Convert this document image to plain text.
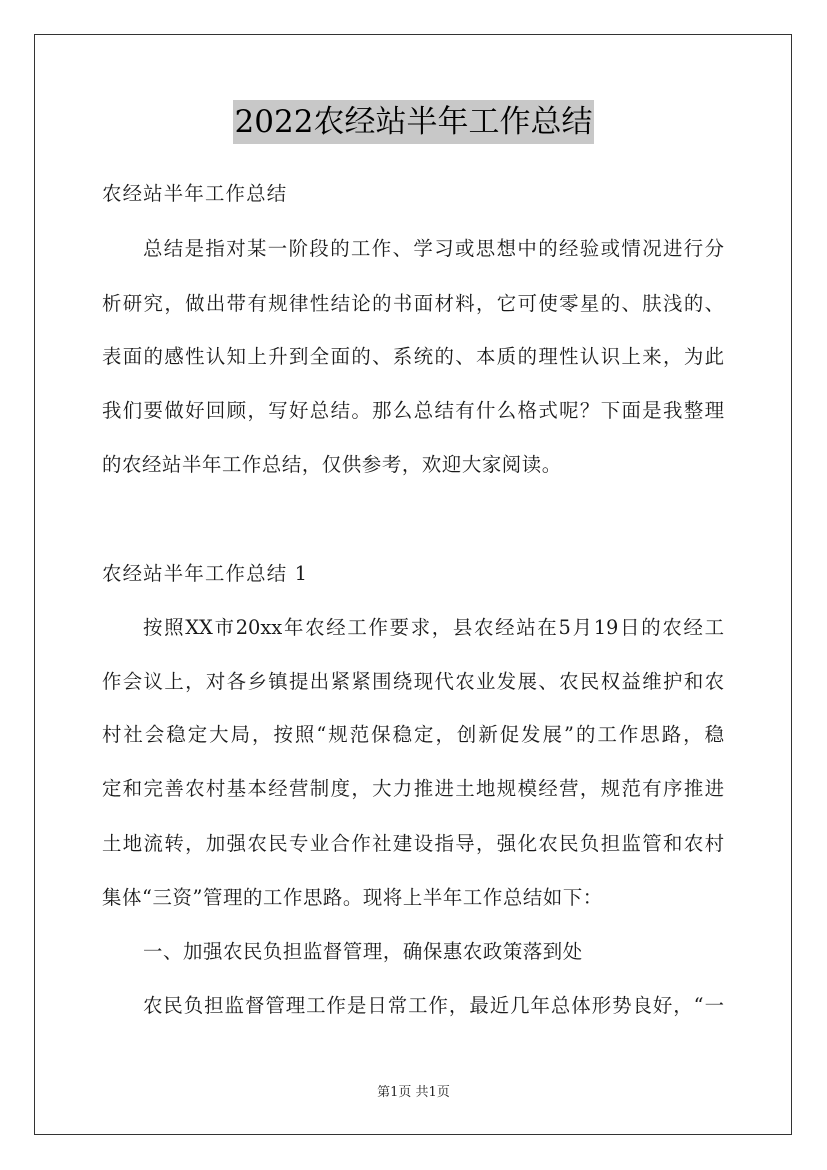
2022农经站半年工作总结
农经站半年工作总结
总结是指对某一阶段的工作、学习或思想中的经验或情况进行分
析研究，做出带有规律性结论的书面材料，它可使零星的、肤浅的、
表面的感性认知上升到全面的、系统的、本质的理性认识上来，为此
我们要做好回顾，写好总结。那么总结有什么格式呢？下面是我整理
的农经站半年工作总结，仅供参考，欢迎大家阅读。
农经站半年工作总结 1
按照XX市20xx年农经工作要求，县农经站在5月19日的农经工
作会议上，对各乡镇提出紧紧围绕现代农业发展、农民权益维护和农
村社会稳定大局，按照“规范保稳定，创新促发展”的工作思路，稳
定和完善农村基本经营制度，大力推进土地规模经营，规范有序推进
土地流转，加强农民专业合作社建设指导，强化农民负担监管和农村
集体“三资”管理的工作思路。现将上半年工作总结如下：
一、加强农民负担监督管理，确保惠农政策落到处
农民负担监督管理工作是日常工作，最近几年总体形势良好，“一
第1页 共1页
